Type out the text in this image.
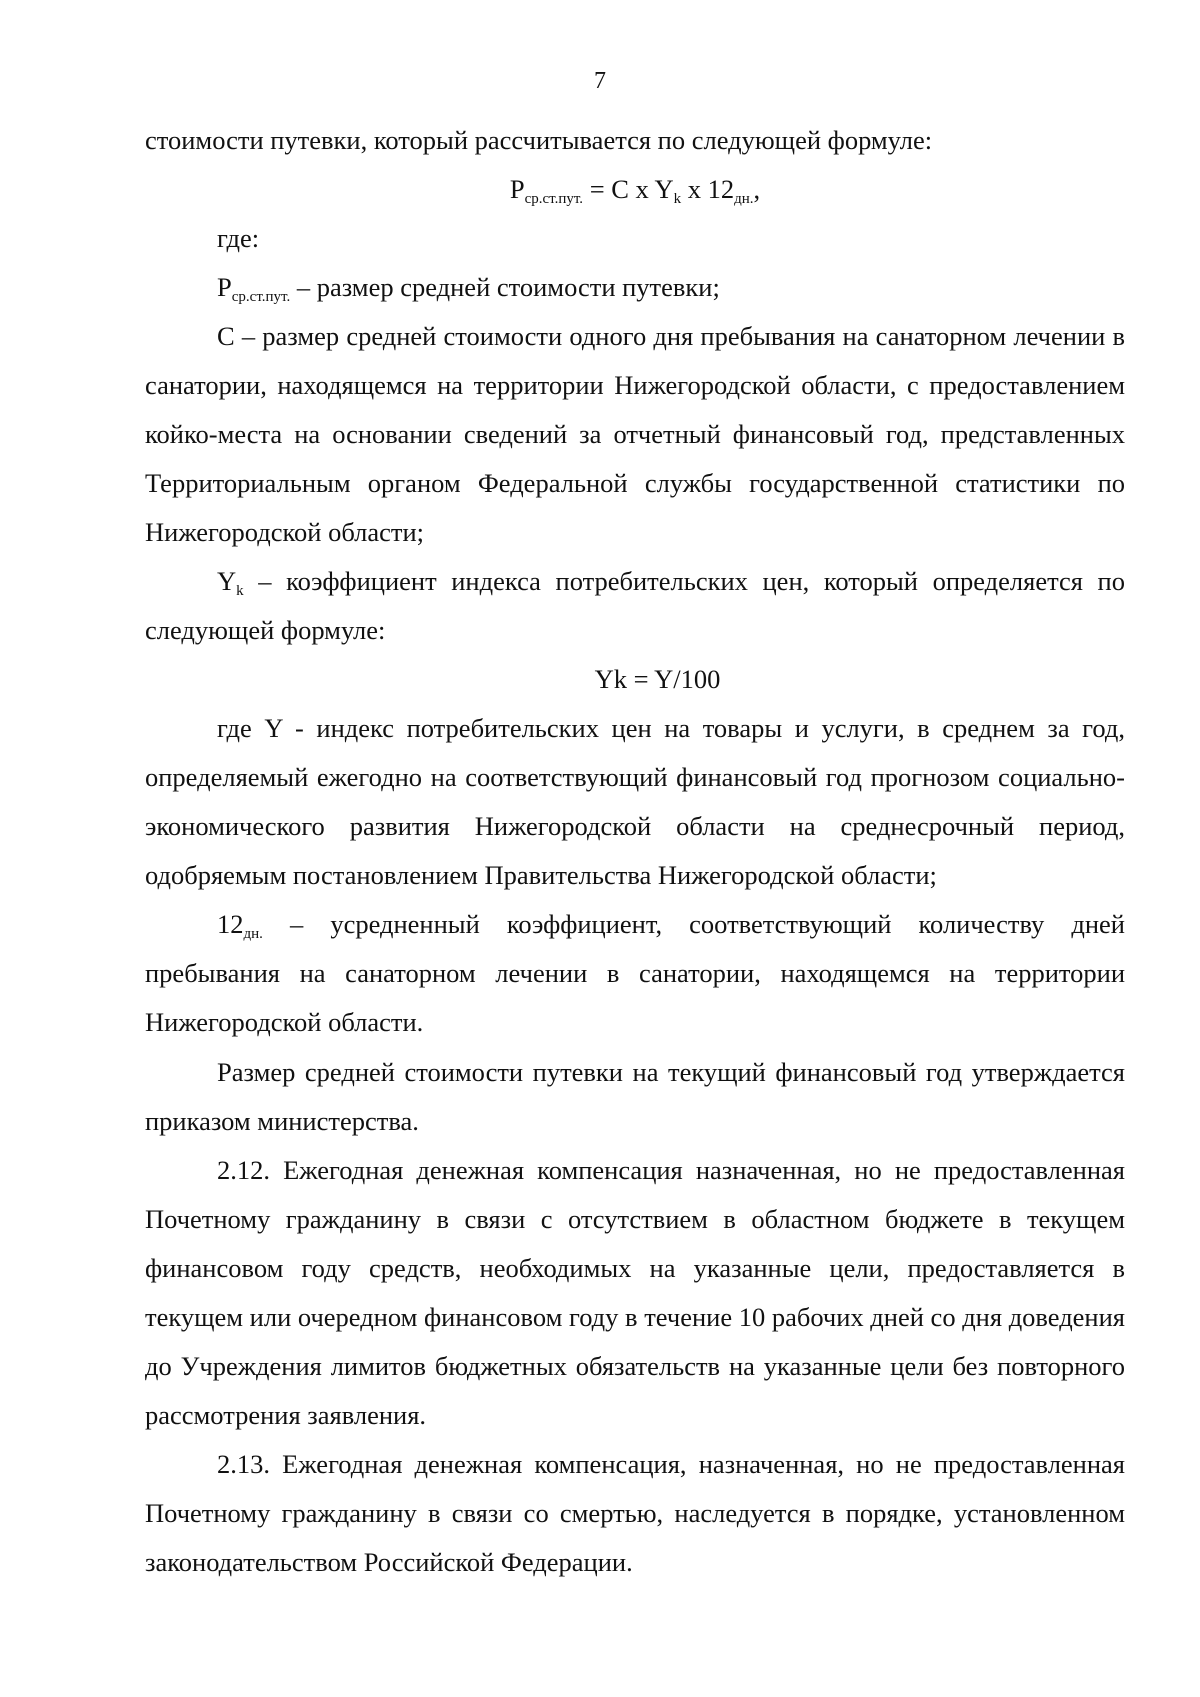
7

стоимости путевки, который рассчитывается по следующей формуле:

$P_{ср.ст.пут.} = C$ x $Y_k$ x $12_{дн.}$,

где:

$P_{ср.ст.пут.}$ – размер средней стоимости путевки;

C – размер средней стоимости одного дня пребывания на санаторном лечении в санатории, находящемся на территории Нижегородской области, с предоставлением койко-места на основании сведений за отчетный финансовый год, представленных Территориальным органом Федеральной службы государственной статистики по Нижегородской области;

$Y_k$ – коэффициент индекса потребительских цен, который определяется по следующей формуле:

Yk = Y/100

где Y - индекс потребительских цен на товары и услуги, в среднем за год, определяемый ежегодно на соответствующий финансовый год прогнозом социально-экономического развития Нижегородской области на среднесрочный период, одобряемым постановлением Правительства Нижегородской области;

$12_{дн.}$ – усредненный коэффициент, соответствующий количеству дней пребывания на санаторном лечении в санатории, находящемся на территории Нижегородской области.

Размер средней стоимости путевки на текущий финансовый год утверждается приказом министерства.

2.12. Ежегодная денежная компенсация назначенная, но не предоставленная Почетному гражданину в связи с отсутствием в областном бюджете в текущем финансовом году средств, необходимых на указанные цели, предоставляется в текущем или очередном финансовом году в течение 10 рабочих дней со дня доведения до Учреждения лимитов бюджетных обязательств на указанные цели без повторного рассмотрения заявления.

2.13. Ежегодная денежная компенсация, назначенная, но не предоставленная Почетному гражданину в связи со смертью, наследуется в порядке, установленном законодательством Российской Федерации.
